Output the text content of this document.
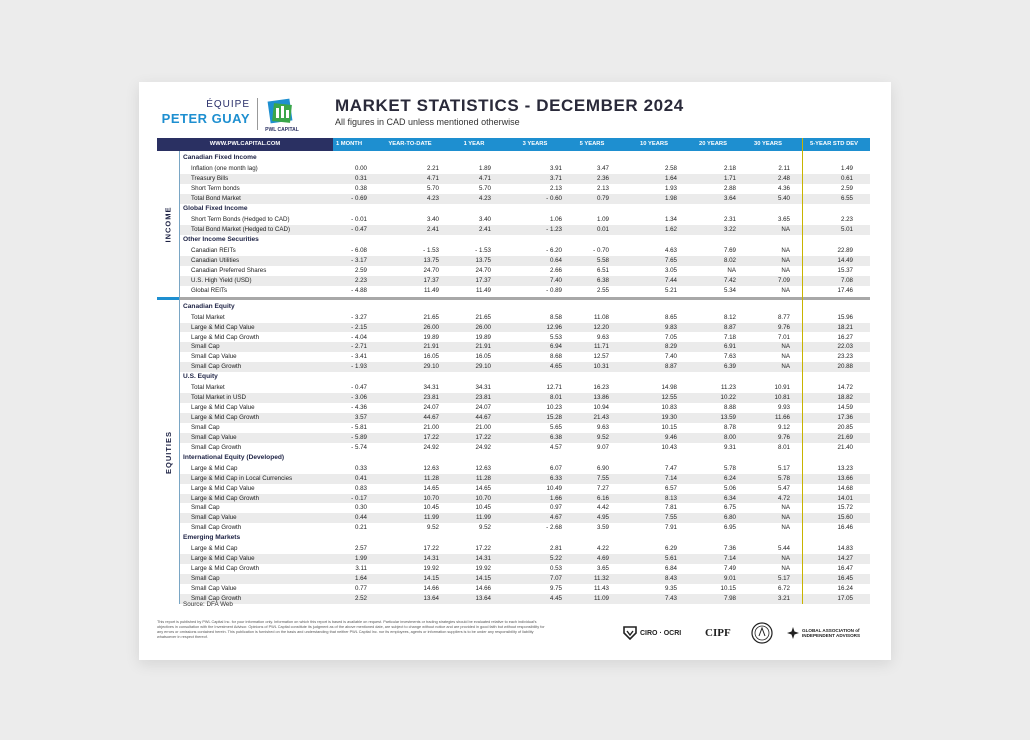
ÉQUIPE
PETER GUAY
PWL CAPITAL
MARKET STATISTICS - DECEMBER 2024
All figures in CAD unless mentioned otherwise
WWW.PWLCAPITAL.COM	1 MONTH	YEAR-TO-DATE	1 YEAR	3 YEARS	5 YEARS	10 YEARS	20 YEARS	30 YEARS	5-YEAR STD DEV
Canadian Fixed Income
Inflation (one month lag)	0.00	2.21	1.89	3.91	3.47	2.58	2.18	2.11	1.49
Treasury Bills	0.31	4.71	4.71	3.71	2.36	1.64	1.71	2.48	0.61
Short Term bonds	0.38	5.70	5.70	2.13	2.13	1.93	2.88	4.36	2.59
Total Bond Market	- 0.69	4.23	4.23	- 0.60	0.79	1.98	3.64	5.40	6.55
Global Fixed Income
Short Term Bonds (Hedged to CAD)	- 0.01	3.40	3.40	1.06	1.09	1.34	2.31	3.65	2.23
Total Bond Market (Hedged to CAD)	- 0.47	2.41	2.41	- 1.23	0.01	1.62	3.22	NA	5.01
Other Income Securities
Canadian REITs	- 6.08	- 1.53	- 1.53	- 6.20	- 0.70	4.63	7.69	NA	22.89
Canadian Utilities	- 3.17	13.75	13.75	0.64	5.58	7.65	8.02	NA	14.49
Canadian Preferred Shares	2.59	24.70	24.70	2.66	6.51	3.05	NA	NA	15.37
U.S. High Yield (USD)	2.23	17.37	17.37	7.40	6.38	7.44	7.42	7.09	7.08
Global REITs	- 4.88	11.49	11.49	- 0.89	2.55	5.21	5.34	NA	17.46
INCOME
Canadian Equity
Total Market	- 3.27	21.65	21.65	8.58	11.08	8.65	8.12	8.77	15.96
Large & Mid Cap Value	- 2.15	26.00	26.00	12.96	12.20	9.83	8.87	9.76	18.21
Large & Mid Cap Growth	- 4.04	19.89	19.89	5.53	9.63	7.05	7.18	7.01	16.27
Small Cap	- 2.71	21.91	21.91	6.94	11.71	8.29	6.91	NA	22.03
Small Cap Value	- 3.41	16.05	16.05	8.68	12.57	7.40	7.63	NA	23.23
Small Cap Growth	- 1.93	29.10	29.10	4.65	10.31	8.87	6.39	NA	20.88
U.S. Equity
Total Market	- 0.47	34.31	34.31	12.71	16.23	14.98	11.23	10.91	14.72
Total Market in USD	- 3.06	23.81	23.81	8.01	13.86	12.55	10.22	10.81	18.82
Large & Mid Cap Value	- 4.36	24.07	24.07	10.23	10.94	10.83	8.88	9.93	14.59
Large & Mid Cap Growth	3.57	44.67	44.67	15.28	21.43	19.30	13.59	11.66	17.36
Small Cap	- 5.81	21.00	21.00	5.65	9.63	10.15	8.78	9.12	20.85
Small Cap Value	- 5.89	17.22	17.22	6.38	9.52	9.46	8.00	9.76	21.69
Small Cap Growth	- 5.74	24.92	24.92	4.57	9.07	10.43	9.31	8.01	21.40
International Equity (Developed)
Large & Mid Cap	0.33	12.63	12.63	6.07	6.90	7.47	5.78	5.17	13.23
Large & Mid Cap in Local Currencies	0.41	11.28	11.28	6.33	7.55	7.14	6.24	5.78	13.66
Large & Mid Cap Value	0.83	14.65	14.65	10.49	7.27	6.57	5.06	5.47	14.68
Large & Mid Cap Growth	- 0.17	10.70	10.70	1.66	6.16	8.13	6.34	4.72	14.01
Small Cap	0.30	10.45	10.45	0.97	4.42	7.81	6.75	NA	15.72
Small Cap Value	0.44	11.99	11.99	4.67	4.95	7.55	6.80	NA	15.60
Small Cap Growth	0.21	9.52	9.52	- 2.68	3.59	7.91	6.95	NA	16.46
Emerging Markets
Large & Mid Cap	2.57	17.22	17.22	2.81	4.22	6.29	7.36	5.44	14.83
Large & Mid Cap Value	1.99	14.31	14.31	5.22	4.69	5.61	7.14	NA	14.27
Large & Mid Cap Growth	3.11	19.92	19.92	0.53	3.65	6.84	7.49	NA	16.47
Small Cap	1.64	14.15	14.15	7.07	11.32	8.43	9.01	5.17	16.45
Small Cap Value	0.77	14.66	14.66	9.75	11.43	9.35	10.15	6.72	16.24
Small Cap Growth	2.52	13.64	13.64	4.45	11.09	7.43	7.98	3.21	17.05
EQUITIES
Source: DFA Web
This report is published by PWL Capital Inc. for your information only. Information on which this report is based is available on request. Particular investments or trading strategies should be evaluated relative to each individual's objectives in consultation with the Investment Advisor. Opinions of PWL Capital constitute its judgment as of the above mentioned date, are subject to change without notice and are provided in good faith but without responsibility for any errors or omissions contained herein. This publication is furnished on the basis and understanding that neither PWL Capital Inc. nor its employees, agents or information suppliers is to be under any responsibility of liability whatsoever in respect thereof.
CIRO · OCRI CIPF	GLOBAL ASSOCIATION of INDEPENDENT ADVISORS
